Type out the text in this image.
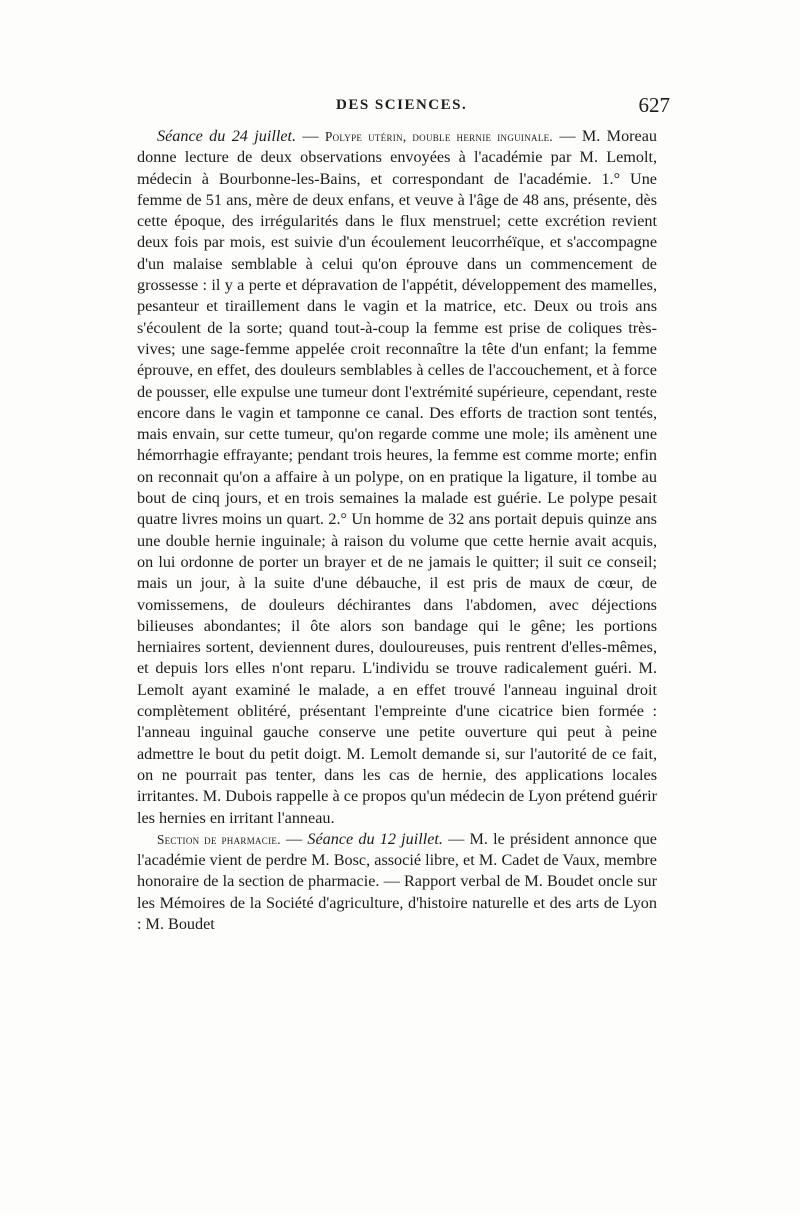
DES SCIENCES.	627

Séance du 24 juillet. — Polype utérin, double hernie inguinale. — M. Moreau donne lecture de deux observations envoyées à l'académie par M. Lemolt, médecin à Bourbonne-les-Bains, et correspondant de l'académie. 1.° Une femme de 51 ans, mère de deux enfans, et veuve à l'âge de 48 ans, présente, dès cette époque, des irrégularités dans le flux menstruel; cette excrétion revient deux fois par mois, est suivie d'un écoulement leucorrhéïque, et s'accompagne d'un malaise semblable à celui qu'on éprouve dans un commencement de grossesse : il y a perte et dépravation de l'appétit, développement des mamelles, pesanteur et tiraillement dans le vagin et la matrice, etc. Deux ou trois ans s'écoulent de la sorte; quand tout-à-coup la femme est prise de coliques très-vives; une sage-femme appelée croit reconnaître la tête d'un enfant; la femme éprouve, en effet, des douleurs semblables à celles de l'accouchement, et à force de pousser, elle expulse une tumeur dont l'extrémité supérieure, cependant, reste encore dans le vagin et tamponne ce canal. Des efforts de traction sont tentés, mais envain, sur cette tumeur, qu'on regarde comme une mole; ils amènent une hémorrhagie effrayante; pendant trois heures, la femme est comme morte; enfin on reconnait qu'on a affaire à un polype, on en pratique la ligature, il tombe au bout de cinq jours, et en trois semaines la malade est guérie. Le polype pesait quatre livres moins un quart. 2.° Un homme de 32 ans portait depuis quinze ans une double hernie inguinale; à raison du volume que cette hernie avait acquis, on lui ordonne de porter un brayer et de ne jamais le quitter; il suit ce conseil; mais un jour, à la suite d'une débauche, il est pris de maux de cœur, de vomissemens, de douleurs déchirantes dans l'abdomen, avec déjections bilieuses abondantes; il ôte alors son bandage qui le gêne; les portions herniaires sortent, deviennent dures, douloureuses, puis rentrent d'elles-mêmes, et depuis lors elles n'ont reparu. L'individu se trouve radicalement guéri. M. Lemolt ayant examiné le malade, a en effet trouvé l'anneau inguinal droit complètement oblitéré, présentant l'empreinte d'une cicatrice bien formée : l'anneau inguinal gauche conserve une petite ouverture qui peut à peine admettre le bout du petit doigt. M. Lemolt demande si, sur l'autorité de ce fait, on ne pourrait pas tenter, dans les cas de hernie, des applications locales irritantes. M. Dubois rappelle à ce propos qu'un médecin de Lyon prétend guérir les hernies en irritant l'anneau.

Section de pharmacie. — Séance du 12 juillet. — M. le président annonce que l'académie vient de perdre M. Bosc, associé libre, et M. Cadet de Vaux, membre honoraire de la section de pharmacie. — Rapport verbal de M. Boudet oncle sur les Mémoires de la Société d'agriculture, d'histoire naturelle et des arts de Lyon : M. Boudet
